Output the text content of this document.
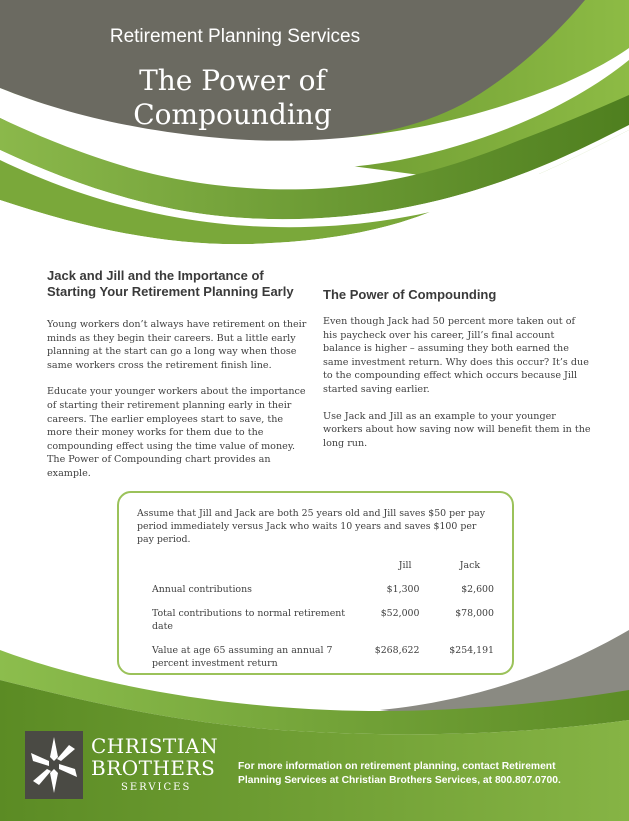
Retirement Planning Services
The Power of
Compounding
Jack and Jill and the Importance of
Starting Your Retirement Planning Early

Young workers don’t always have retirement on their minds as they begin their careers. But a little early planning at the start can go a long way when those same workers cross the retirement finish line.

Educate your younger workers about the importance of starting their retirement planning early in their careers. The earlier employees start to save, the more their money works for them due to the compounding effect using the time value of money. The Power of Compounding chart provides an example.

The Power of Compounding

Even though Jack had 50 percent more taken out of his paycheck over his career, Jill’s final account balance is higher – assuming they both earned the same investment return. Why does this occur? It’s due to the compounding effect which occurs because Jill started saving earlier.

Use Jack and Jill as an example to your younger workers about how saving now will benefit them in the long run.

Assume that Jill and Jack are both 25 years old and Jill saves $50 per pay period immediately versus Jack who waits 10 years and saves $100 per pay period.

	Jill	Jack
Annual contributions	$1,300	$2,600
Total contributions to normal retirement date	$52,000	$78,000
Value at age 65 assuming an annual 7 percent investment return	$268,622	$254,191
CHRISTIAN
BROTHERS
SERVICES
For more information on retirement planning, contact Retirement Planning Services at Christian Brothers Services, at 800.807.0700.
